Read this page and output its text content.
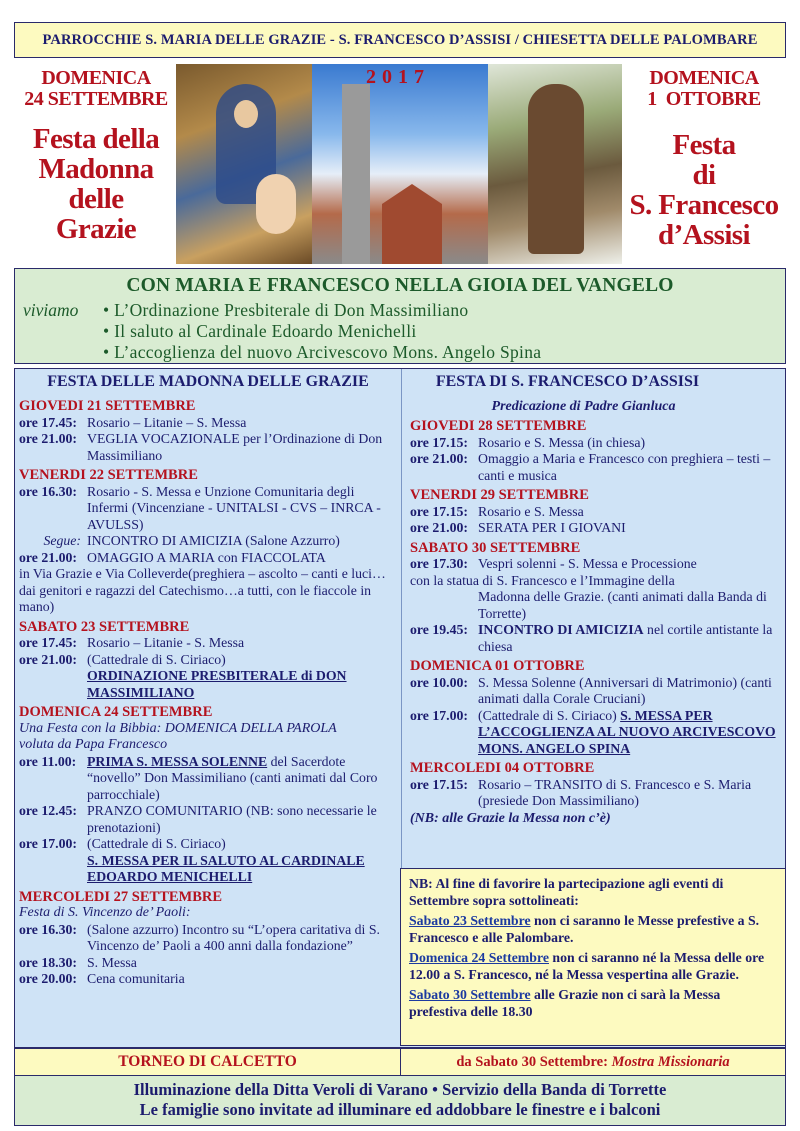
PARROCCHIE S. MARIA DELLE GRAZIE - S. FRANCESCO D’ASSISI / CHIESETTA DELLE PALOMBARE
DOMENICA
24 SETTEMBRE
Festa della
Madonna
delle
Grazie
2017	DOMENICA
1  OTTOBRE
Festa
di
S. Francesco
d’Assisi
CON MARIA E FRANCESCO NELLA GIOIA DEL VANGELO
viviamo
•	L’Ordinazione Presbiterale di Don Massimiliano
• Il saluto al Cardinale Edoardo Menichelli
• L’accoglienza del nuovo Arcivescovo Mons. Angelo Spina
FESTA DELLE MADONNA DELLE GRAZIE
GIOVEDI 21 SETTEMBRE
ore 17.45: Rosario – Litanie – S. Messa
ore 21.00: VEGLIA VOCAZIONALE per l’Ordinazione di Don Massimiliano
VENERDI 22 SETTEMBRE
ore 16.30: Rosario - S. Messa e Unzione Comunitaria degli Infermi (Vincenziane - UNITALSI - CVS – INRCA - AVULSS)
Segue: INCONTRO DI AMICIZIA (Salone Azzurro)
ore 21.00: OMAGGIO A MARIA con FIACCOLATA
in Via Grazie e Via Colleverde(preghiera – ascolto – canti e luci…dai genitori e ragazzi del Catechismo…a tutti, con le fiaccole in mano)
SABATO 23 SETTEMBRE
ore 17.45: Rosario – Litanie - S. Messa
ore 21.00: (Cattedrale di S. Ciriaco)
ORDINAZIONE PRESBITERALE di DON MASSIMILIANO
DOMENICA 24 SETTEMBRE
Una Festa con la Bibbia: DOMENICA DELLA PAROLA
voluta da Papa Francesco
ore 11.00: PRIMA S. MESSA SOLENNE del Sacerdote “novello” Don Massimiliano (canti animati dal Coro parrocchiale)
ore 12.45: PRANZO COMUNITARIO (NB: sono necessarie le prenotazioni)
ore 17.00: (Cattedrale di S. Ciriaco)
S. MESSA PER IL SALUTO AL CARDINALE EDOARDO MENICHELLI
MERCOLEDI 27 SETTEMBRE
Festa di S. Vincenzo de’ Paoli:
ore 16.30: (Salone azzurro) Incontro su “L’opera caritativa di S. Vincenzo de’ Paoli a 400 anni dalla fondazione”
ore 18.30: S. Messa
ore 20.00: Cena comunitaria
FESTA DI S. FRANCESCO D’ASSISI
Predicazione di Padre Gianluca
GIOVEDI 28 SETTEMBRE
ore 17.15: Rosario e S. Messa (in chiesa)
ore 21.00: Omaggio a Maria e Francesco con preghiera – testi – canti e musica
VENERDI 29 SETTEMBRE
ore 17.15: Rosario e S. Messa
ore 21.00: SERATA PER I GIOVANI
SABATO 30 SETTEMBRE
ore 17.30: Vespri solenni - S. Messa e Processione
con la statua di S. Francesco e l’Immagine della
Madonna delle Grazie. (canti animati dalla Banda di Torrette)
ore 19.45: INCONTRO DI AMICIZIA nel cortile antistante la chiesa
DOMENICA 01 OTTOBRE
ore 10.00: S. Messa Solenne (Anniversari di Matrimonio) (canti animati dalla Corale Cruciani)
ore 17.00: (Cattedrale di S. Ciriaco) S. MESSA PER L’ACCOGLIENZA AL NUOVO ARCIVESCOVO MONS. ANGELO SPINA
MERCOLEDI 04 OTTOBRE
ore 17.15: Rosario – TRANSITO di S. Francesco e S. Maria (presiede Don Massimiliano)
(NB: alle Grazie la Messa non c’è)

NB: Al fine di favorire la partecipazione agli eventi di Settembre sopra sottolineati:

Sabato 23 Settembre non ci saranno le Messe prefestive a S. Francesco e alle Palombare.

Domenica 24 Settembre non ci saranno né la Messa delle ore 12.00 a S. Francesco, né la Messa vespertina alle Grazie.

Sabato 30 Settembre alle Grazie non ci sarà la Messa prefestiva delle 18.30

TORNEO DI CALCETTO	da Sabato 30 Settembre:
Mostra Missionaria
Illuminazione della Ditta Veroli di Varano • Servizio della Banda di Torrette
Le famiglie sono invitate ad illuminare ed addobbare le finestre e i balconi
